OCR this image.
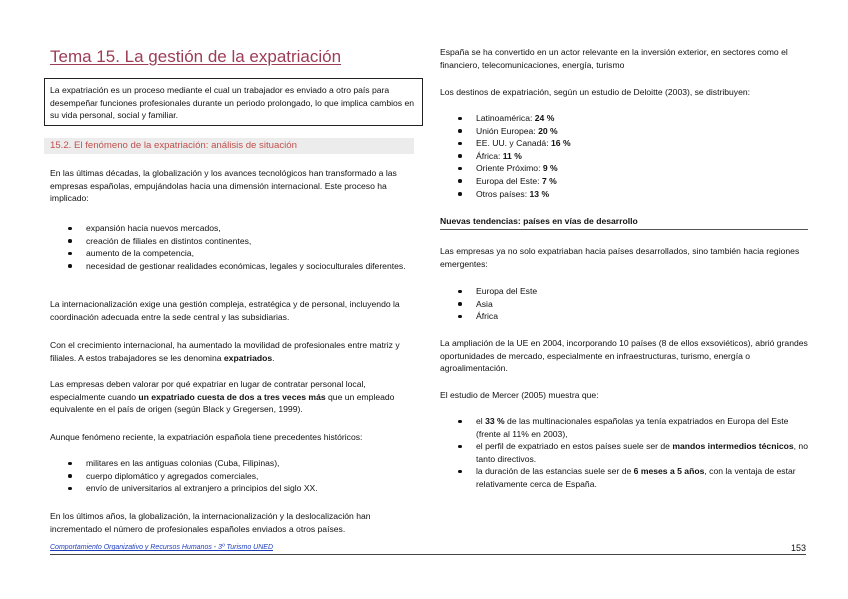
Tema 15. La gestión de la expatriación
La expatriación es un proceso mediante el cual un trabajador es enviado a otro país para desempeñar funciones profesionales durante un periodo prolongado, lo que implica cambios en su vida personal, social y familiar.
15.2. El fenómeno de la expatriación: análisis de situación

En las últimas décadas, la globalización y los avances tecnológicos han transformado a las empresas españolas, empujándolas hacia una dimensión internacional. Este proceso ha implicado:

expansión hacia nuevos mercados,
creación de filiales en distintos continentes,
aumento de la competencia,
necesidad de gestionar realidades económicas, legales y socioculturales diferentes.

La internacionalización exige una gestión compleja, estratégica y de personal, incluyendo la coordinación adecuada entre la sede central y las subsidiarias.

Con el crecimiento internacional, ha aumentado la movilidad de profesionales entre matriz y filiales. A estos trabajadores se les denomina expatriados.

Las empresas deben valorar por qué expatriar en lugar de contratar personal local, especialmente cuando un expatriado cuesta de dos a tres veces más que un empleado equivalente en el país de origen (según Black y Gregersen, 1999).

Aunque fenómeno reciente, la expatriación española tiene precedentes históricos:

militares en las antiguas colonias (Cuba, Filipinas),
cuerpo diplomático y agregados comerciales,
envío de universitarios al extranjero a principios del siglo XX.

En los últimos años, la globalización, la internacionalización y la deslocalización han incrementado el número de profesionales españoles enviados a otros países.

España se ha convertido en un actor relevante en la inversión exterior, en sectores como el financiero, telecomunicaciones, energía, turismo

Los destinos de expatriación, según un estudio de Deloitte (2003), se distribuyen:

Latinoamérica: 24 %
Unión Europea: 20 %
EE. UU. y Canadá: 16 %
África: 11 %
Oriente Próximo: 9 %
Europa del Este: 7 %
Otros países: 13 %
Nuevas tendencias: países en vías de desarrollo

Las empresas ya no solo expatriaban hacia países desarrollados, sino también hacia regiones emergentes:

Europa del Este
Asia
África

La ampliación de la UE en 2004, incorporando 10 países (8 de ellos exsoviéticos), abrió grandes oportunidades de mercado, especialmente en infraestructuras, turismo, energía o agroalimentación.

El estudio de Mercer (2005) muestra que:

el 33 % de las multinacionales españolas ya tenía expatriados en Europa del Este (frente al 11% en 2003),
el perfil de expatriado en estos países suele ser de mandos intermedios técnicos, no tanto directivos.
la duración de las estancias suele ser de 6 meses a 5 años, con la ventaja de estar relativamente cerca de España.
Comportamiento Organizativo y Recursos Humanos - 3º Turismo UNED	153
